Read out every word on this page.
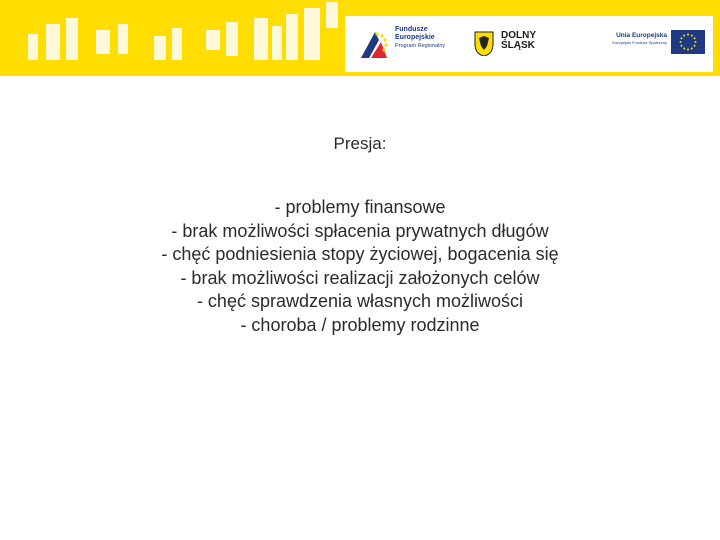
Fundusze
Europejskie
Program Regionalny
DOLNY
ŚLĄSK
Unia Europejska
Europejski Fundusz Społeczny
Presja:
- problemy finansowe
- brak możliwości spłacenia prywatnych długów
- chęć podniesienia stopy życiowej, bogacenia się
- brak możliwości realizacji założonych celów
- chęć sprawdzenia własnych możliwości
- choroba / problemy rodzinne
